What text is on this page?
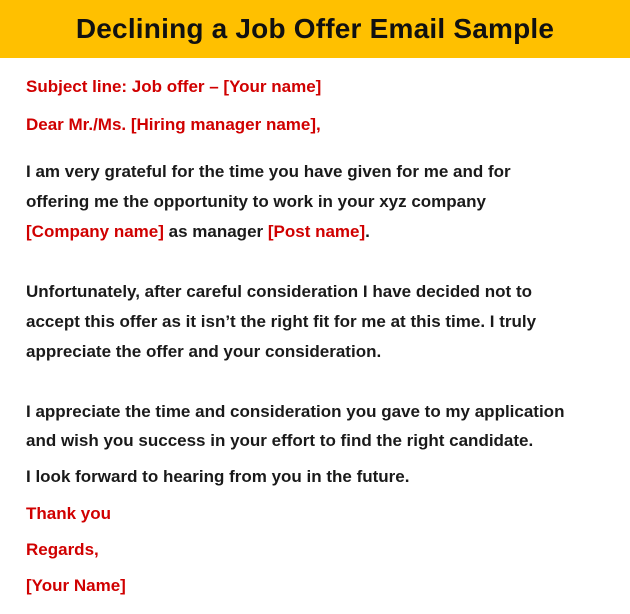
Declining a Job Offer Email Sample

Subject line: Job offer – [Your name]

Dear Mr./Ms. [Hiring manager name],

I am very grateful for the time you have given for me and for

offering me the opportunity to work in your xyz company

[Company name] as manager [Post name].

Unfortunately, after careful consideration I have decided not to

accept this offer as it isn’t the right fit for me at this time. I truly

appreciate the offer and your consideration.

I appreciate the time and consideration you gave to my application

and wish you success in your effort to find the right candidate.

I look forward to hearing from you in the future.

Thank you

Regards,

[Your Name]
